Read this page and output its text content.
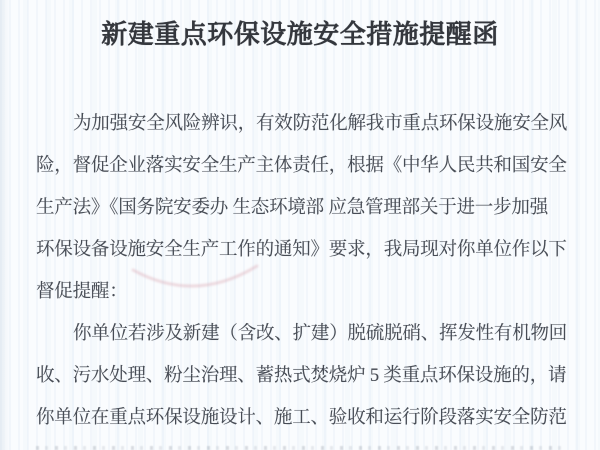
新建重点环保设施安全措施提醒函
为加强安全风险辨识，有效防范化解我市重点环保设施安全风
险，督促企业落实安全生产主体责任，根据《中华人民共和国安全
生产法》《国务院安委办 生态环境部 应急管理部关于进一步加强
环保设备设施安全生产工作的通知》要求，我局现对你单位作以下
督促提醒：
你单位若涉及新建（含改、扩建）脱硫脱硝、挥发性有机物回
收、污水处理、粉尘治理、蓄热式焚烧炉 5 类重点环保设施的，请
你单位在重点环保设施设计、施工、验收和运行阶段落实安全防范
